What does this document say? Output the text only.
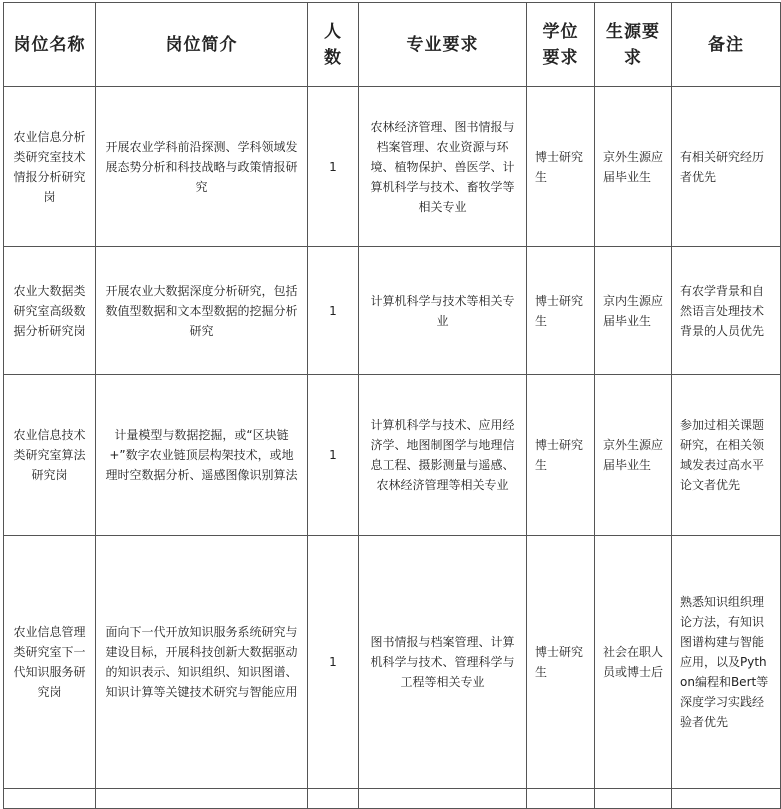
岗位名称	岗位简介	人数	专业要求	学位要求	生源要求	备注
农业信息分析类研究室技术情报分析研究岗	开展农业学科前沿探测、学科领域发展态势分析和科技战略与政策情报研究	1	农林经济管理、图书情报与档案管理、农业资源与环境、植物保护、兽医学、计算机科学与技术、畜牧学等相关专业	博士研究生	京外生源应届毕业生	有相关研究经历者优先
农业大数据类研究室高级数据分析研究岗	开展农业大数据深度分析研究，包括数值型数据和文本型数据的挖掘分析研究	1	计算机科学与技术等相关专业	博士研究生	京内生源应届毕业生	有农学背景和自然语言处理技术背景的人员优先
农业信息技术类研究室算法研究岗	计量模型与数据挖掘，或“区块链+”数字农业链顶层构架技术，或地理时空数据分析、遥感图像识别算法	1	计算机科学与技术、应用经济学、地图制图学与地理信息工程、摄影测量与遥感、农林经济管理等相关专业	博士研究生	京外生源应届毕业生	参加过相关课题研究，在相关领域发表过高水平论文者优先
农业信息管理类研究室下一代知识服务研究岗	面向下一代开放知识服务系统研究与建设目标，开展科技创新大数据驱动的知识表示、知识组织、知识图谱、知识计算等关键技术研究与智能应用	1	图书情报与档案管理、计算机科学与技术、管理科学与工程等相关专业	博士研究生	社会在职人员或博士后	熟悉知识组织理论方法，有知识图谱构建与智能应用，以及Python编程和Bert等深度学习实践经验者优先
